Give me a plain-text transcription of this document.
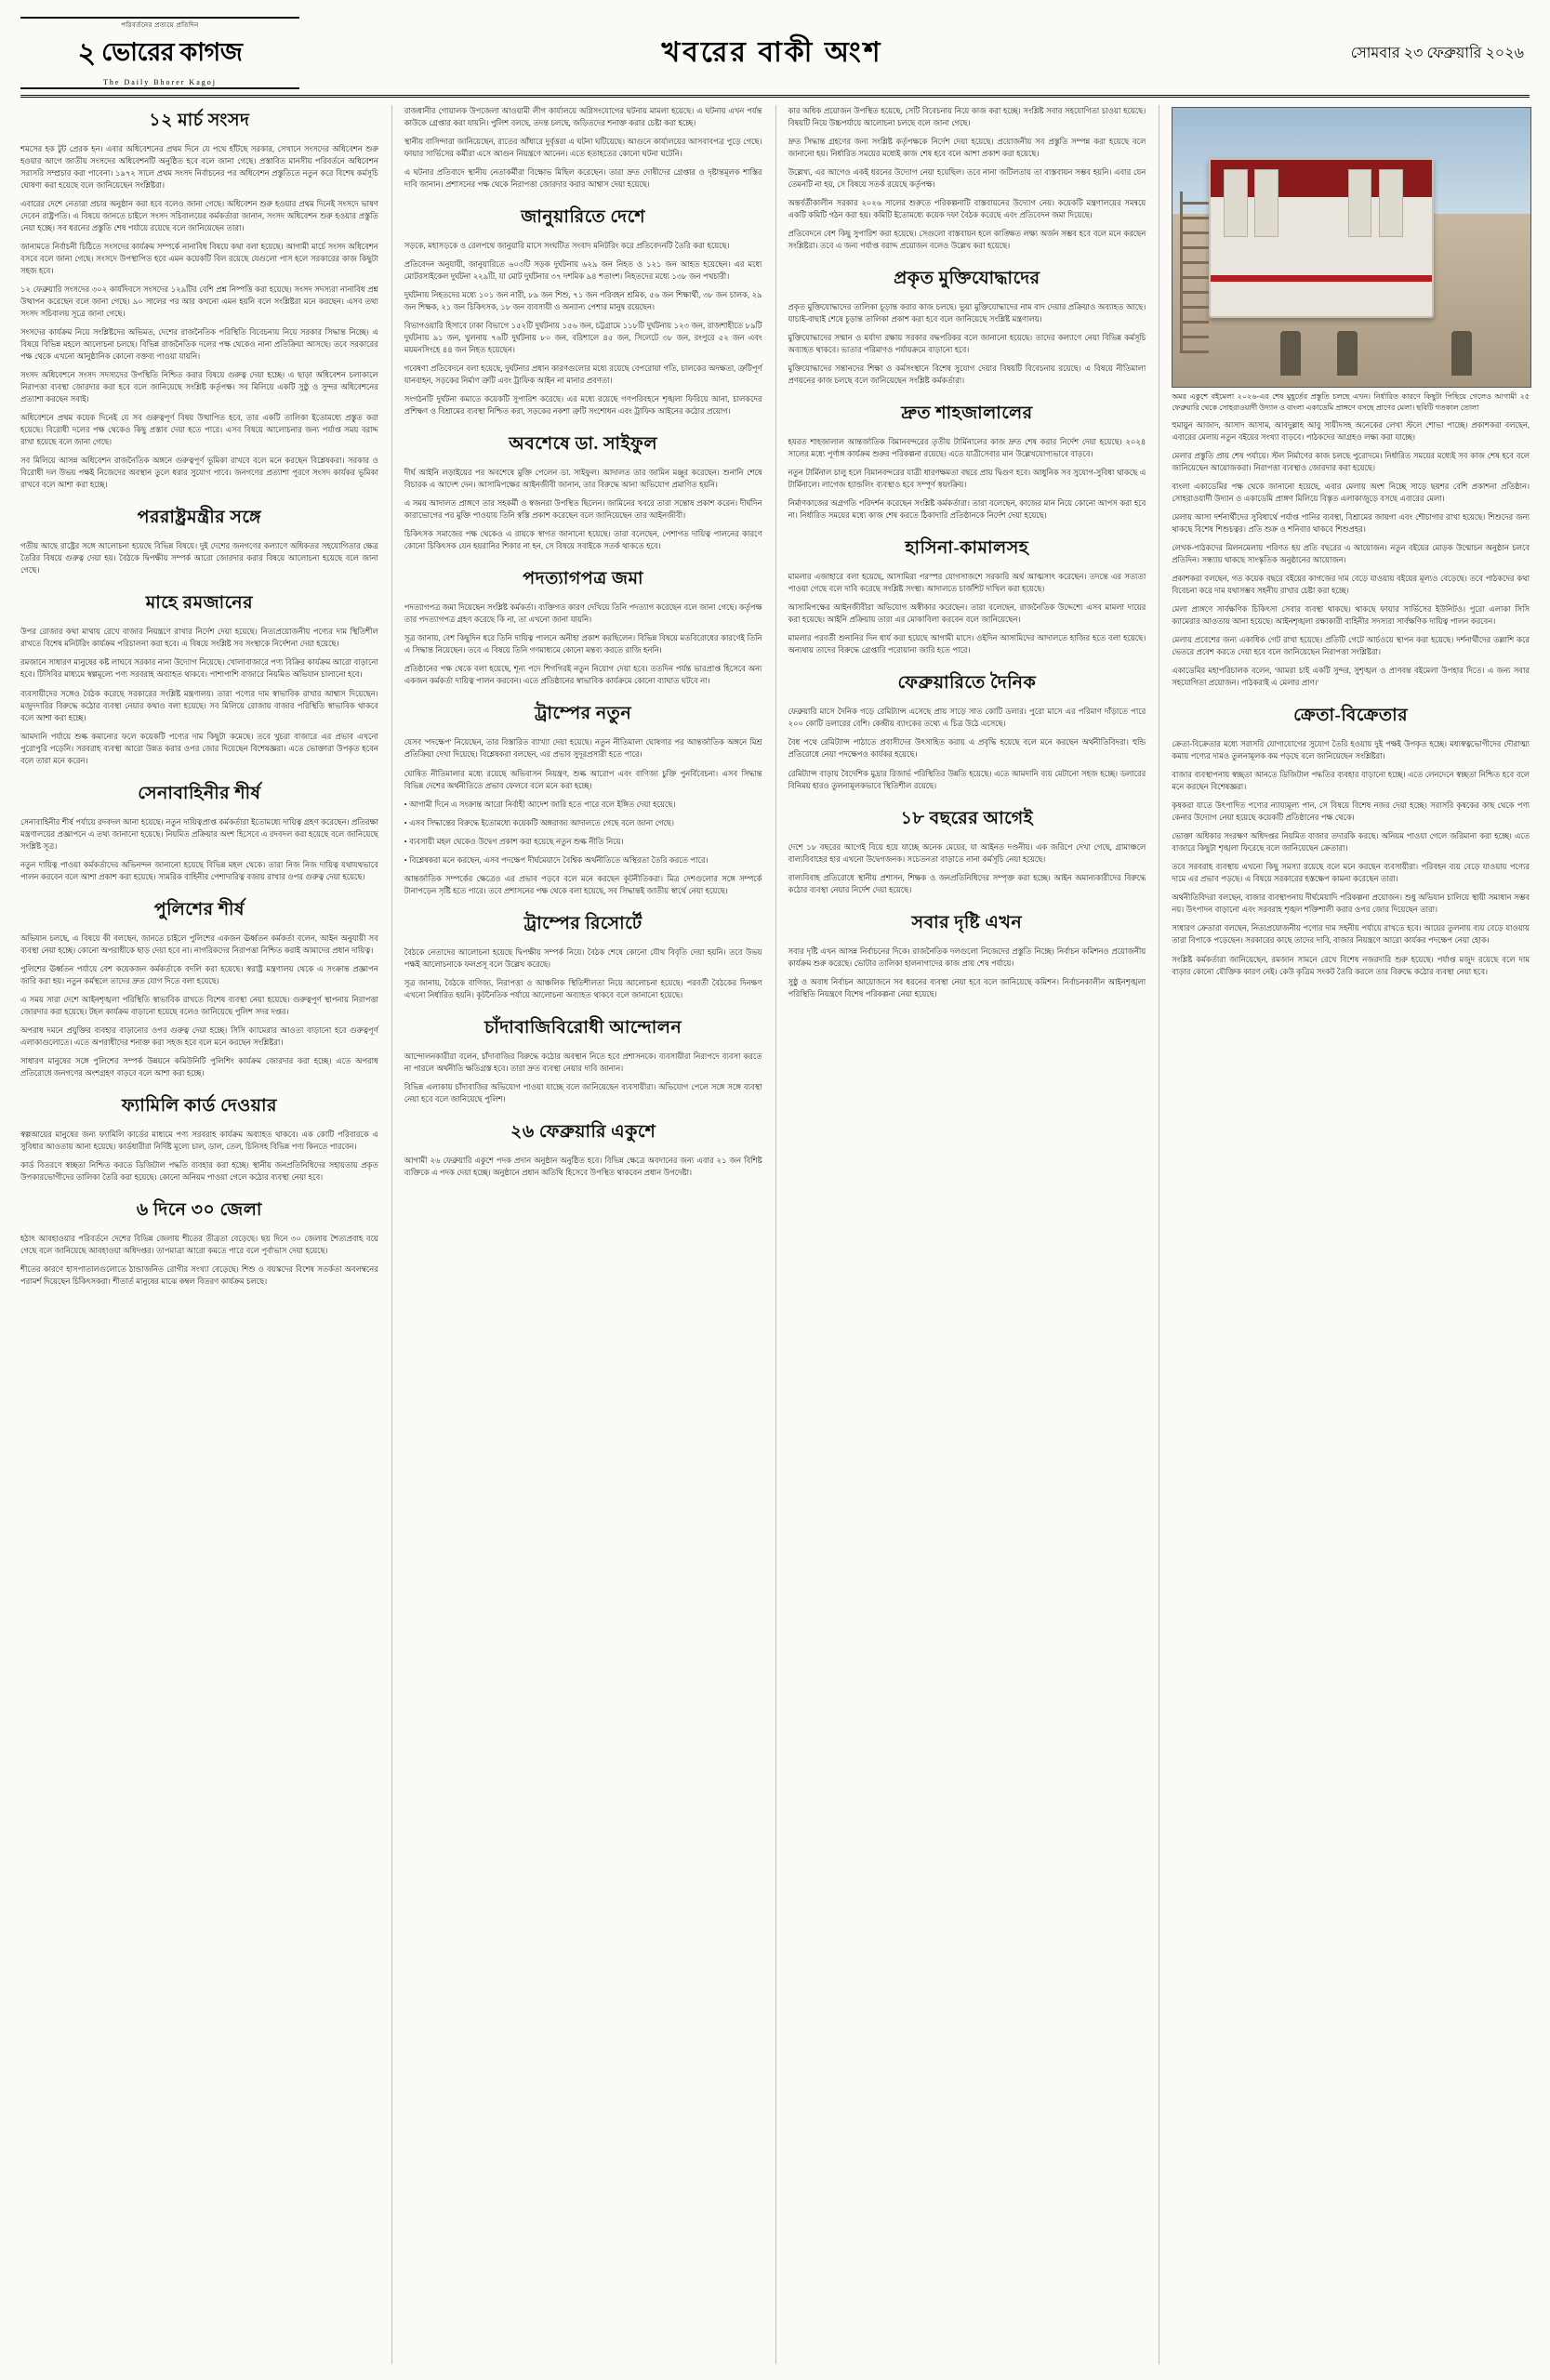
পরিবর্তনের প্রত্যয়ে প্রতিদিন
২ ভোরের কাগজ
The Daily Bhorer Kagoj
খবরের বাকী অংশ	সোমবার ২৩ ফেব্রুয়ারি ২০২৬
১২ মার্চ সংসদ

শমসের হক টুট প্রেরক হন। এবার অধিবেশনের প্রথম দিনে যে পথে হাঁটছে সরকার, সেখানে সংসদের অধিবেশন শুরু হওয়ার আগে জাতীয় সংসদের অধিবেশনটি অনুষ্ঠিত হবে বলে জানা গেছে। প্রস্তাবিত মানসীয় পরিবর্তনে অধিবেশন সরাসরি সম্প্রচার করা পাবেনা। ১৯৭২ সালে প্রথম সংসদ নির্বাচনের পর অধিবেশন প্রস্তুতিতে নতুন করে বিশেষ কর্মসূচি ঘোষণা করা হয়েছে বলে জানিয়েছেন সংশ্লিষ্টরা।

এবারের দেশে নেতারা প্রচার অনুষ্ঠান করা হবে বলেও জানা গেছে। অধিবেশন শুরু হওয়ার প্রথম দিনেই সংসদে ভাষণ দেবেন রাষ্ট্রপতি। এ বিষয়ে জানতে চাইলে সংসদ সচিবালয়ের কর্মকর্তারা জানান, সংসদ অধিবেশন শুরু হওয়ার প্রস্তুতি নেয়া হচ্ছে। সব ধরনের প্রস্তুতি শেষ পর্যায়ে রয়েছে বলে জানিয়েছেন তারা।

জানামতে নির্বাচনী চিঠিতে সংসদের কার্যক্রম সম্পর্কে নানাবিধ বিষয়ে কথা বলা হয়েছে। আগামী মার্চে সংসদ অধিবেশন বসবে বলে জানা গেছে। সংসদে উপস্থাপিত হবে এমন কয়েকটি বিল রয়েছে যেগুলো পাস হলে সরকারের কাজ কিছুটা সহজ হবে।

১২ ফেব্রুয়ারি সংসদের ৩০২ কার্যদিবসে সংসদের ১২৯টির বেশি প্রশ্ন নিষ্পত্তি করা হয়েছে। সংসদ সদস্যরা নানাবিধ প্রশ্ন উত্থাপন করেছেন বলে জানা গেছে। ৯০ সালের পর আর কখনো এমন হয়নি বলে সংশ্লিষ্টরা মনে করছেন। এসব তথ্য সংসদ সচিবালয় সূত্রে জানা গেছে।

সংসদের কার্যক্রম নিয়ে সংশ্লিষ্টদের অভিমত, দেশের রাজনৈতিক পরিস্থিতি বিবেচনায় নিয়ে সরকার সিদ্ধান্ত নিচ্ছে। এ বিষয়ে বিভিন্ন মহলে আলোচনা চলছে। বিভিন্ন রাজনৈতিক দলের পক্ষ থেকেও নানা প্রতিক্রিয়া আসছে। তবে সরকারের পক্ষ থেকে এখনো আনুষ্ঠানিক কোনো বক্তব্য পাওয়া যায়নি।

সংসদ অধিবেশনে সংসদ সদস্যদের উপস্থিতি নিশ্চিত করার বিষয়ে গুরুত্ব দেয়া হচ্ছে। এ ছাড়া অধিবেশন চলাকালে নিরাপত্তা ব্যবস্থা জোরদার করা হবে বলে জানিয়েছে সংশ্লিষ্ট কর্তৃপক্ষ। সব মিলিয়ে একটি সুষ্ঠু ও সুন্দর অধিবেশনের প্রত্যাশা করছেন সবাই।

অধিবেশনে প্রথম কয়েক দিনেই যে সব গুরুত্বপূর্ণ বিষয় উত্থাপিত হবে, তার একটি তালিকা ইতোমধ্যে প্রস্তুত করা হয়েছে। বিরোধী দলের পক্ষ থেকেও কিছু প্রস্তাব দেয়া হতে পারে। এসব বিষয়ে আলোচনার জন্য পর্যাপ্ত সময় বরাদ্দ রাখা হয়েছে বলে জানা গেছে।

সব মিলিয়ে আসন্ন অধিবেশন রাজনৈতিক অঙ্গনে গুরুত্বপূর্ণ ভূমিকা রাখবে বলে মনে করছেন বিশ্লেষকরা। সরকার ও বিরোধী দল উভয় পক্ষই নিজেদের অবস্থান তুলে ধরার সুযোগ পাবে। জনগণের প্রত্যাশা পূরণে সংসদ কার্যকর ভূমিকা রাখবে বলে আশা করা হচ্ছে।

পররাষ্ট্রমন্ত্রীর সঙ্গে

গতীয় আছে রাষ্ট্রের সঙ্গে আলোচনা হয়েছে বিভিন্ন বিষয়ে। দুই দেশের জনগণের কল্যাণে অধিকতর সহযোগিতার ক্ষেত্র তৈরির বিষয়ে গুরুত্ব দেয়া হয়। বৈঠকে দ্বিপক্ষীয় সম্পর্ক আরো জোরদার করার বিষয়ে আলোচনা হয়েছে বলে জানা গেছে।

মাহে রমজানের

উপর রোজার কথা মাথায় রেখে বাজার নিয়ন্ত্রণে রাখার নির্দেশ দেয়া হয়েছে। নিত্যপ্রয়োজনীয় পণ্যের দাম স্থিতিশীল রাখতে বিশেষ মনিটরিং কার্যক্রম পরিচালনা করা হবে। এ বিষয়ে সংশ্লিষ্ট সব সংস্থাকে নির্দেশনা দেয়া হয়েছে।

রমজানে সাধারণ মানুষের কষ্ট লাঘবে সরকার নানা উদ্যোগ নিয়েছে। খোলাবাজারে পণ্য বিক্রির কার্যক্রম আরো বাড়ানো হবে। টিসিবির মাধ্যমে স্বল্পমূল্যে পণ্য সরবরাহ অব্যাহত থাকবে। পাশাপাশি বাজারে নিয়মিত অভিযান চালানো হবে।

ব্যবসায়ীদের সঙ্গেও বৈঠক করেছে সরকারের সংশ্লিষ্ট মন্ত্রণালয়। তারা পণ্যের দাম স্বাভাবিক রাখার আশ্বাস দিয়েছেন। মজুদদারির বিরুদ্ধে কঠোর ব্যবস্থা নেয়ার কথাও বলা হয়েছে। সব মিলিয়ে রোজায় বাজার পরিস্থিতি স্বাভাবিক থাকবে বলে আশা করা হচ্ছে।

আমদানি পর্যায়ে শুল্ক কমানোর ফলে কয়েকটি পণ্যের দাম কিছুটা কমেছে। তবে খুচরা বাজারে এর প্রভাব এখনো পুরোপুরি পড়েনি। সরবরাহ ব্যবস্থা আরো উন্নত করার ওপর জোর দিয়েছেন বিশেষজ্ঞরা। এতে ভোক্তারা উপকৃত হবেন বলে তারা মনে করেন।

সেনাবাহিনীর শীর্ষ

সেনাবাহিনীর শীর্ষ পর্যায়ে রদবদল আনা হয়েছে। নতুন দায়িত্বপ্রাপ্ত কর্মকর্তারা ইতোমধ্যে দায়িত্ব গ্রহণ করেছেন। প্রতিরক্ষা মন্ত্রণালয়ের প্রজ্ঞাপনে এ তথ্য জানানো হয়েছে। নিয়মিত প্রক্রিয়ার অংশ হিসেবে এ রদবদল করা হয়েছে বলে জানিয়েছে সংশ্লিষ্ট সূত্র।

নতুন দায়িত্ব পাওয়া কর্মকর্তাদের অভিনন্দন জানানো হয়েছে বিভিন্ন মহল থেকে। তারা নিজ নিজ দায়িত্ব যথাযথভাবে পালন করবেন বলে আশা প্রকাশ করা হয়েছে। সামরিক বাহিনীর পেশাদারিত্ব বজায় রাখার ওপর গুরুত্ব দেয়া হয়েছে।

পুলিশের শীর্ষ

অভিযান চলছে, এ বিষয়ে কী বলছেন, জানতে চাইলে পুলিশের একজন ঊর্ধ্বতন কর্মকর্তা বলেন, আইন অনুযায়ী সব ব্যবস্থা নেয়া হচ্ছে। কোনো অপরাধীকে ছাড় দেয়া হবে না। নাগরিকদের নিরাপত্তা নিশ্চিত করাই আমাদের প্রধান দায়িত্ব।

পুলিশের ঊর্ধ্বতন পর্যায়ে বেশ কয়েকজন কর্মকর্তাকে বদলি করা হয়েছে। স্বরাষ্ট্র মন্ত্রণালয় থেকে এ সংক্রান্ত প্রজ্ঞাপন জারি করা হয়। নতুন কর্মস্থলে তাদের দ্রুত যোগ দিতে বলা হয়েছে।

এ সময় সারা দেশে আইনশৃঙ্খলা পরিস্থিতি স্বাভাবিক রাখতে বিশেষ ব্যবস্থা নেয়া হয়েছে। গুরুত্বপূর্ণ স্থাপনায় নিরাপত্তা জোরদার করা হয়েছে। টহল কার্যক্রম বাড়ানো হয়েছে বলেও জানিয়েছে পুলিশ সদর দপ্তর।

অপরাধ দমনে প্রযুক্তির ব্যবহার বাড়ানোর ওপর গুরুত্ব দেয়া হচ্ছে। সিসি ক্যামেরার আওতা বাড়ানো হবে গুরুত্বপূর্ণ এলাকাগুলোতে। এতে অপরাধীদের শনাক্ত করা সহজ হবে বলে মনে করছেন সংশ্লিষ্টরা।

সাধারণ মানুষের সঙ্গে পুলিশের সম্পর্ক উন্নয়নে কমিউনিটি পুলিশিং কার্যক্রম জোরদার করা হচ্ছে। এতে অপরাধ প্রতিরোধে জনগণের অংশগ্রহণ বাড়বে বলে আশা করা হচ্ছে।

ফ্যামিলি কার্ড দেওয়ার

স্বল্পআয়ের মানুষের জন্য ফ্যামিলি কার্ডের মাধ্যমে পণ্য সরবরাহ কার্যক্রম অব্যাহত থাকবে। এক কোটি পরিবারকে এ সুবিধার আওতায় আনা হয়েছে। কার্ডধারীরা নির্দিষ্ট মূল্যে চাল, ডাল, তেল, চিনিসহ বিভিন্ন পণ্য কিনতে পারবেন।

কার্ড বিতরণে স্বচ্ছতা নিশ্চিত করতে ডিজিটাল পদ্ধতি ব্যবহার করা হচ্ছে। স্থানীয় জনপ্রতিনিধিদের সহায়তায় প্রকৃত উপকারভোগীদের তালিকা তৈরি করা হয়েছে। কোনো অনিয়ম পাওয়া গেলে কঠোর ব্যবস্থা নেয়া হবে।

৬ দিনে ৩০ জেলা

হঠাৎ আবহাওয়ার পরিবর্তনে দেশের বিভিন্ন জেলায় শীতের তীব্রতা বেড়েছে। ছয় দিনে ৩০ জেলায় শৈত্যপ্রবাহ বয়ে গেছে বলে জানিয়েছে আবহাওয়া অধিদপ্তর। তাপমাত্রা আরো কমতে পারে বলে পূর্বাভাস দেয়া হয়েছে।

শীতের কারণে হাসপাতালগুলোতে ঠান্ডাজনিত রোগীর সংখ্যা বেড়েছে। শিশু ও বয়স্কদের বিশেষ সতর্কতা অবলম্বনের পরামর্শ দিয়েছেন চিকিৎসকরা। শীতার্ত মানুষের মাঝে কম্বল বিতরণ কার্যক্রম চলছে।

রাজধানীর গোয়ালক উপজেলা আওয়ামী লীগ কার্যালয়ে অগ্নিসংযোগের ঘটনায় মামলা হয়েছে। এ ঘটনায় এখন পর্যন্ত কাউকে গ্রেপ্তার করা যায়নি। পুলিশ বলছে, তদন্ত চলছে, জড়িতদের শনাক্ত করার চেষ্টা করা হচ্ছে।

স্থানীয় বাসিন্দারা জানিয়েছেন, রাতের আঁধারে দুর্বৃত্তরা এ ঘটনা ঘটিয়েছে। আগুনে কার্যালয়ের আসবাবপত্র পুড়ে গেছে। ফায়ার সার্ভিসের কর্মীরা এসে আগুন নিয়ন্ত্রণে আনেন। এতে হতাহতের কোনো ঘটনা ঘটেনি।

এ ঘটনার প্রতিবাদে স্থানীয় নেতাকর্মীরা বিক্ষোভ মিছিল করেছেন। তারা দ্রুত দোষীদের গ্রেপ্তার ও দৃষ্টান্তমূলক শাস্তির দাবি জানান। প্রশাসনের পক্ষ থেকে নিরাপত্তা জোরদার করার আশ্বাস দেয়া হয়েছে।

জানুয়ারিতে দেশে

সড়কে, মহাসড়কে ও রেলপথে জানুয়ারি মাসে সংঘটিত সংবাদ মনিটরিং করে প্রতিবেদনটি তৈরি করা হয়েছে।

প্রতিবেদন অনুযায়ী, জানুয়ারিতে ৬০৩টি সড়ক দুর্ঘটনায় ৬২৯ জন নিহত ও ১২১ জন আহত হয়েছেন। এর মধ্যে মোটরসাইকেল দুর্ঘটনা ২২৯টি, যা মোট দুর্ঘটনার ৩৭ দশমিক ৯৪ শতাংশ। নিহতদের মধ্যে ১৩৮ জন পথচারী।

দুর্ঘটনায় নিহতদের মধ্যে ১০১ জন নারী, ৮৯ জন শিশু, ৭১ জন পরিবহন শ্রমিক, ৫৬ জন শিক্ষার্থী, ৩৮ জন চালক, ২৯ জন শিক্ষক, ২১ জন চিকিৎসক, ১৮ জন ব্যবসায়ী ও অন্যান্য পেশার মানুষ রয়েছেন।

বিভাগওয়ারি হিসাবে ঢাকা বিভাগে ১৫২টি দুর্ঘটনায় ১৫৬ জন, চট্টগ্রামে ১১৮টি দুর্ঘটনায় ১২৩ জন, রাজশাহীতে ৮৯টি দুর্ঘটনায় ৯১ জন, খুলনায় ৭৬টি দুর্ঘটনায় ৮০ জন, বরিশালে ৪৫ জন, সিলেটে ৩৮ জন, রংপুরে ৫২ জন এবং ময়মনসিংহে ৪৪ জন নিহত হয়েছেন।

গবেষণা প্রতিবেদনে বলা হয়েছে, দুর্ঘটনার প্রধান কারণগুলোর মধ্যে রয়েছে বেপরোয়া গতি, চালকের অদক্ষতা, ত্রুটিপূর্ণ যানবাহন, সড়কের নির্মাণ ত্রুটি এবং ট্রাফিক আইন না মানার প্রবণতা।

সংগঠনটি দুর্ঘটনা কমাতে কয়েকটি সুপারিশ করেছে। এর মধ্যে রয়েছে গণপরিবহনে শৃঙ্খলা ফিরিয়ে আনা, চালকদের প্রশিক্ষণ ও বিশ্রামের ব্যবস্থা নিশ্চিত করা, সড়কের নকশা ত্রুটি সংশোধন এবং ট্রাফিক আইনের কঠোর প্রয়োগ।

অবশেষে ডা. সাইফুল

দীর্ঘ আইনি লড়াইয়ের পর অবশেষে মুক্তি পেলেন ডা. সাইফুল। আদালত তার জামিন মঞ্জুর করেছেন। শুনানি শেষে বিচারক এ আদেশ দেন। আসামিপক্ষের আইনজীবী জানান, তার বিরুদ্ধে আনা অভিযোগ প্রমাণিত হয়নি।

এ সময় আদালত প্রাঙ্গণে তার সহকর্মী ও স্বজনরা উপস্থিত ছিলেন। জামিনের খবরে তারা সন্তোষ প্রকাশ করেন। দীর্ঘদিন কারাভোগের পর মুক্তি পাওয়ায় তিনি স্বস্তি প্রকাশ করেছেন বলে জানিয়েছেন তার আইনজীবী।

চিকিৎসক সমাজের পক্ষ থেকেও এ রায়কে স্বাগত জানানো হয়েছে। তারা বলেছেন, পেশাগত দায়িত্ব পালনের কারণে কোনো চিকিৎসক যেন হয়রানির শিকার না হন, সে বিষয়ে সবাইকে সতর্ক থাকতে হবে।

পদত্যাগপত্র জমা

পদত্যাগপত্র জমা দিয়েছেন সংশ্লিষ্ট কর্মকর্তা। ব্যক্তিগত কারণ দেখিয়ে তিনি পদত্যাগ করেছেন বলে জানা গেছে। কর্তৃপক্ষ তার পদত্যাগপত্র গ্রহণ করেছে কি না, তা এখনো জানা যায়নি।

সূত্র জানায়, বেশ কিছুদিন ধরে তিনি দায়িত্ব পালনে অনীহা প্রকাশ করছিলেন। বিভিন্ন বিষয়ে মতবিরোধের কারণেই তিনি এ সিদ্ধান্ত নিয়েছেন। তবে এ বিষয়ে তিনি গণমাধ্যমে কোনো মন্তব্য করতে রাজি হননি।

প্রতিষ্ঠানের পক্ষ থেকে বলা হয়েছে, শূন্য পদে শিগগিরই নতুন নিয়োগ দেয়া হবে। ততদিন পর্যন্ত ভারপ্রাপ্ত হিসেবে অন্য একজন কর্মকর্তা দায়িত্ব পালন করবেন। এতে প্রতিষ্ঠানের স্বাভাবিক কার্যক্রমে কোনো ব্যাঘাত ঘটবে না।

ট্রাম্পের নতুন

যেসব 'পদক্ষেপ' নিয়েছেন, তার বিস্তারিত ব্যাখ্যা দেয়া হয়েছে। নতুন নীতিমালা ঘোষণার পর আন্তর্জাতিক অঙ্গনে মিশ্র প্রতিক্রিয়া দেখা দিয়েছে। বিশ্লেষকরা বলছেন, এর প্রভাব সুদূরপ্রসারী হতে পারে।

ঘোষিত নীতিমালার মধ্যে রয়েছে অভিবাসন নিয়ন্ত্রণ, শুল্ক আরোপ এবং বাণিজ্য চুক্তি পুনর্বিবেচনা। এসব সিদ্ধান্ত বিভিন্ন দেশের অর্থনীতিতে প্রভাব ফেলবে বলে মনে করা হচ্ছে।

• আগামী দিনে এ সংক্রান্ত আরো নির্বাহী আদেশ জারি হতে পারে বলে ইঙ্গিত দেয়া হয়েছে।

• এসব সিদ্ধান্তের বিরুদ্ধে ইতোমধ্যে কয়েকটি অঙ্গরাজ্য আদালতে গেছে বলে জানা গেছে।

• ব্যবসায়ী মহল থেকেও উদ্বেগ প্রকাশ করা হয়েছে নতুন শুল্ক নীতি নিয়ে।

• বিশ্লেষকরা মনে করছেন, এসব পদক্ষেপ দীর্ঘমেয়াদে বৈশ্বিক অর্থনীতিতে অস্থিরতা তৈরি করতে পারে।

আন্তর্জাতিক সম্পর্কের ক্ষেত্রেও এর প্রভাব পড়বে বলে মনে করছেন কূটনীতিকরা। মিত্র দেশগুলোর সঙ্গে সম্পর্কে টানাপড়েন সৃষ্টি হতে পারে। তবে প্রশাসনের পক্ষ থেকে বলা হয়েছে, সব সিদ্ধান্তই জাতীয় স্বার্থে নেয়া হয়েছে।

ট্রাম্পের রিসোর্টে

বৈঠকে নেতাদের আলোচনা হয়েছে দ্বিপক্ষীয় সম্পর্ক নিয়ে। বৈঠক শেষে কোনো যৌথ বিবৃতি দেয়া হয়নি। তবে উভয় পক্ষই আলোচনাকে ফলপ্রসূ বলে উল্লেখ করেছে।

সূত্র জানায়, বৈঠকে বাণিজ্য, নিরাপত্তা ও আঞ্চলিক স্থিতিশীলতা নিয়ে আলোচনা হয়েছে। পরবর্তী বৈঠকের দিনক্ষণ এখনো নির্ধারিত হয়নি। কূটনৈতিক পর্যায়ে আলোচনা অব্যাহত থাকবে বলে জানানো হয়েছে।

চাঁদাবাজিবিরোধী আন্দোলন

আন্দোলনকারীরা বলেন, চাঁদাবাজির বিরুদ্ধে কঠোর অবস্থান নিতে হবে প্রশাসনকে। ব্যবসায়ীরা নিরাপদে ব্যবসা করতে না পারলে অর্থনীতি ক্ষতিগ্রস্ত হবে। তারা দ্রুত ব্যবস্থা নেয়ার দাবি জানান।

বিভিন্ন এলাকায় চাঁদাবাজির অভিযোগ পাওয়া যাচ্ছে বলে জানিয়েছেন ব্যবসায়ীরা। অভিযোগ পেলে সঙ্গে সঙ্গে ব্যবস্থা নেয়া হবে বলে জানিয়েছে পুলিশ।

২৬ ফেব্রুয়ারি একুশে

আগামী ২৬ ফেব্রুয়ারি একুশে পদক প্রদান অনুষ্ঠান অনুষ্ঠিত হবে। বিভিন্ন ক্ষেত্রে অবদানের জন্য এবার ২১ জন বিশিষ্ট ব্যক্তিকে এ পদক দেয়া হচ্ছে। অনুষ্ঠানে প্রধান অতিথি হিসেবে উপস্থিত থাকবেন প্রধান উপদেষ্টা।

কার অধিক প্রয়োজন উপস্থিত হয়েছে, সেটি বিবেচনায় নিয়ে কাজ করা হচ্ছে। সংশ্লিষ্ট সবার সহযোগিতা চাওয়া হয়েছে। বিষয়টি নিয়ে উচ্চপর্যায়ে আলোচনা চলছে বলে জানা গেছে।

দ্রুত সিদ্ধান্ত গ্রহণের জন্য সংশ্লিষ্ট কর্তৃপক্ষকে নির্দেশ দেয়া হয়েছে। প্রয়োজনীয় সব প্রস্তুতি সম্পন্ন করা হয়েছে বলে জানানো হয়। নির্ধারিত সময়ের মধ্যেই কাজ শেষ হবে বলে আশা প্রকাশ করা হয়েছে।

উল্লেখ্য, এর আগেও একই ধরনের উদ্যোগ নেয়া হয়েছিল। তবে নানা জটিলতায় তা বাস্তবায়ন সম্ভব হয়নি। এবার যেন তেমনটি না হয়, সে বিষয়ে সতর্ক রয়েছে কর্তৃপক্ষ।

অন্তর্বর্তীকালীন সরকার ২০২৬ সালের শুরুতে পরিকল্পনাটি বাস্তবায়নের উদ্যোগ নেয়। কয়েকটি মন্ত্রণালয়ের সমন্বয়ে একটি কমিটি গঠন করা হয়। কমিটি ইতোমধ্যে কয়েক দফা বৈঠক করেছে এবং প্রতিবেদন জমা দিয়েছে।

প্রতিবেদনে বেশ কিছু সুপারিশ করা হয়েছে। সেগুলো বাস্তবায়ন হলে কাঙ্ক্ষিত লক্ষ্য অর্জন সম্ভব হবে বলে মনে করছেন সংশ্লিষ্টরা। তবে এ জন্য পর্যাপ্ত বরাদ্দ প্রয়োজন বলেও উল্লেখ করা হয়েছে।

প্রকৃত মুক্তিযোদ্ধাদের

প্রকৃত মুক্তিযোদ্ধাদের তালিকা চূড়ান্ত করার কাজ চলছে। ভুয়া মুক্তিযোদ্ধাদের নাম বাদ দেয়ার প্রক্রিয়াও অব্যাহত আছে। যাচাই-বাছাই শেষে চূড়ান্ত তালিকা প্রকাশ করা হবে বলে জানিয়েছে সংশ্লিষ্ট মন্ত্রণালয়।

মুক্তিযোদ্ধাদের সম্মান ও মর্যাদা রক্ষায় সরকার বদ্ধপরিকর বলে জানানো হয়েছে। তাদের কল্যাণে নেয়া বিভিন্ন কর্মসূচি অব্যাহত থাকবে। ভাতার পরিমাণও পর্যায়ক্রমে বাড়ানো হবে।

মুক্তিযোদ্ধাদের সন্তানদের শিক্ষা ও কর্মসংস্থানে বিশেষ সুযোগ দেয়ার বিষয়টি বিবেচনায় রয়েছে। এ বিষয়ে নীতিমালা প্রণয়নের কাজ চলছে বলে জানিয়েছেন সংশ্লিষ্ট কর্মকর্তারা।

দ্রুত শাহজালালের

হযরত শাহজালাল আন্তর্জাতিক বিমানবন্দরের তৃতীয় টার্মিনালের কাজ দ্রুত শেষ করার নির্দেশ দেয়া হয়েছে। ২০২৪ সালের মধ্যে পূর্ণাঙ্গ কার্যক্রম শুরুর পরিকল্পনা রয়েছে। এতে যাত্রীসেবার মান উল্লেখযোগ্যভাবে বাড়বে।

নতুন টার্মিনাল চালু হলে বিমানবন্দরের যাত্রী ধারণক্ষমতা বছরে প্রায় দ্বিগুণ হবে। আধুনিক সব সুযোগ-সুবিধা থাকছে এ টার্মিনালে। লাগেজ হ্যান্ডলিং ব্যবস্থাও হবে সম্পূর্ণ স্বয়ংক্রিয়।

নির্মাণকাজের অগ্রগতি পরিদর্শন করেছেন সংশ্লিষ্ট কর্মকর্তারা। তারা বলেছেন, কাজের মান নিয়ে কোনো আপস করা হবে না। নির্ধারিত সময়ের মধ্যে কাজ শেষ করতে ঠিকাদারি প্রতিষ্ঠানকে নির্দেশ দেয়া হয়েছে।

হাসিনা-কামালসহ

মামলার এজাহারে বলা হয়েছে, আসামিরা পরস্পর যোগসাজশে সরকারি অর্থ আত্মসাৎ করেছেন। তদন্তে এর সত্যতা পাওয়া গেছে বলে দাবি করেছে সংশ্লিষ্ট সংস্থা। আদালতে চার্জশিট দাখিল করা হয়েছে।

আসামিপক্ষের আইনজীবীরা অভিযোগ অস্বীকার করেছেন। তারা বলেছেন, রাজনৈতিক উদ্দেশ্যে এসব মামলা দায়ের করা হয়েছে। আইনি প্রক্রিয়ায় তারা এর মোকাবিলা করবেন বলে জানিয়েছেন।

মামলার পরবর্তী শুনানির দিন ধার্য করা হয়েছে আগামী মাসে। ওইদিন আসামিদের আদালতে হাজির হতে বলা হয়েছে। অন্যথায় তাদের বিরুদ্ধে গ্রেপ্তারি পরোয়ানা জারি হতে পারে।

ফেব্রুয়ারিতে দৈনিক

ফেব্রুয়ারি মাসে দৈনিক গড়ে রেমিট্যান্স এসেছে প্রায় সাড়ে সাত কোটি ডলার। পুরো মাসে এর পরিমাণ দাঁড়াতে পারে ২০০ কোটি ডলারের বেশি। কেন্দ্রীয় ব্যাংকের তথ্যে এ চিত্র উঠে এসেছে।

বৈধ পথে রেমিট্যান্স পাঠাতে প্রবাসীদের উৎসাহিত করায় এ প্রবৃদ্ধি হয়েছে বলে মনে করছেন অর্থনীতিবিদরা। হুন্ডি প্রতিরোধে নেয়া পদক্ষেপও কার্যকর হয়েছে।

রেমিট্যান্স বাড়ায় বৈদেশিক মুদ্রার রিজার্ভ পরিস্থিতির উন্নতি হয়েছে। এতে আমদানি ব্যয় মেটানো সহজ হচ্ছে। ডলারের বিনিময় হারও তুলনামূলকভাবে স্থিতিশীল রয়েছে।

১৮ বছরের আগেই

দেশে ১৮ বছরের আগেই বিয়ে হয়ে যাচ্ছে অনেক মেয়ের, যা আইনত দণ্ডনীয়। এক জরিপে দেখা গেছে, গ্রামাঞ্চলে বাল্যবিবাহের হার এখনো উদ্বেগজনক। সচেতনতা বাড়াতে নানা কর্মসূচি নেয়া হয়েছে।

বাল্যবিবাহ প্রতিরোধে স্থানীয় প্রশাসন, শিক্ষক ও জনপ্রতিনিধিদের সম্পৃক্ত করা হচ্ছে। আইন অমান্যকারীদের বিরুদ্ধে কঠোর ব্যবস্থা নেয়ার নির্দেশ দেয়া হয়েছে।

সবার দৃষ্টি এখন

সবার দৃষ্টি এখন আসন্ন নির্বাচনের দিকে। রাজনৈতিক দলগুলো নিজেদের প্রস্তুতি নিচ্ছে। নির্বাচন কমিশনও প্রয়োজনীয় কার্যক্রম শুরু করেছে। ভোটার তালিকা হালনাগাদের কাজ প্রায় শেষ পর্যায়ে।

সুষ্ঠু ও অবাধ নির্বাচন আয়োজনে সব ধরনের ব্যবস্থা নেয়া হবে বলে জানিয়েছে কমিশন। নির্বাচনকালীন আইনশৃঙ্খলা পরিস্থিতি নিয়ন্ত্রণে বিশেষ পরিকল্পনা নেয়া হয়েছে।

অমর একুশে বইমেলা ২০২৬-এর শেষ মুহূর্তের প্রস্তুতি চলছে এখন। নির্ধারিত কারণে কিছুটা পিছিয়ে গেলেও আগামী ২৫ ফেব্রুয়ারি থেকে সোহরাওয়ার্দী উদ্যান ও বাংলা একাডেমি প্রাঙ্গণে বসছে প্রাণের মেলা। ছবিটি গতকাল তোলা

হুমায়ুন আজাদ, আসাদ আসাম, আবদুল্লাহ আবু সায়ীদসহ অনেকের লেখা স্টলে শোভা পাচ্ছে। প্রকাশকরা বলছেন, এবারের মেলায় নতুন বইয়ের সংখ্যা বাড়বে। পাঠকদের আগ্রহও লক্ষ্য করা যাচ্ছে।

মেলার প্রস্তুতি প্রায় শেষ পর্যায়ে। স্টল নির্মাণের কাজ চলছে পুরোদমে। নির্ধারিত সময়ের মধ্যেই সব কাজ শেষ হবে বলে জানিয়েছেন আয়োজকরা। নিরাপত্তা ব্যবস্থাও জোরদার করা হয়েছে।

বাংলা একাডেমির পক্ষ থেকে জানানো হয়েছে, এবার মেলায় অংশ নিচ্ছে সাড়ে ছয়শর বেশি প্রকাশনা প্রতিষ্ঠান। সোহরাওয়ার্দী উদ্যান ও একাডেমি প্রাঙ্গণ মিলিয়ে বিস্তৃত এলাকাজুড়ে বসছে এবারের মেলা।

মেলায় আসা দর্শনার্থীদের সুবিধার্থে পর্যাপ্ত পানির ব্যবস্থা, বিশ্রামের জায়গা এবং শৌচাগার রাখা হয়েছে। শিশুদের জন্য থাকছে বিশেষ শিশুচত্বর। প্রতি শুক্র ও শনিবার থাকবে শিশুপ্রহর।

লেখক-পাঠকদের মিলনমেলায় পরিণত হয় প্রতি বছরের এ আয়োজন। নতুন বইয়ের মোড়ক উন্মোচন অনুষ্ঠান চলবে প্রতিদিন। সন্ধ্যায় থাকছে সাংস্কৃতিক অনুষ্ঠানের আয়োজন।

প্রকাশকরা বলছেন, গত কয়েক বছরে বইয়ের কাগজের দাম বেড়ে যাওয়ায় বইয়ের মূল্যও বেড়েছে। তবে পাঠকদের কথা বিবেচনা করে দাম যথাসম্ভব সহনীয় রাখার চেষ্টা করা হচ্ছে।

মেলা প্রাঙ্গণে সার্বক্ষণিক চিকিৎসা সেবার ব্যবস্থা থাকছে। থাকছে ফায়ার সার্ভিসের ইউনিটও। পুরো এলাকা সিসি ক্যামেরার আওতায় আনা হয়েছে। আইনশৃঙ্খলা রক্ষাকারী বাহিনীর সদস্যরা সার্বক্ষণিক দায়িত্ব পালন করবেন।

মেলায় প্রবেশের জন্য একাধিক গেট রাখা হয়েছে। প্রতিটি গেটে আর্চওয়ে স্থাপন করা হয়েছে। দর্শনার্থীদের তল্লাশি করে ভেতরে প্রবেশ করতে দেয়া হবে বলে জানিয়েছেন নিরাপত্তা সংশ্লিষ্টরা।

একাডেমির মহাপরিচালক বলেন, 'আমরা চাই একটি সুন্দর, সুশৃঙ্খল ও প্রাণবন্ত বইমেলা উপহার দিতে। এ জন্য সবার সহযোগিতা প্রয়োজন। পাঠকরাই এ মেলার প্রাণ।'

ক্রেতা-বিক্রেতার

ক্রেতা-বিক্রেতার মধ্যে সরাসরি যোগাযোগের সুযোগ তৈরি হওয়ায় দুই পক্ষই উপকৃত হচ্ছে। মধ্যস্বত্বভোগীদের দৌরাত্ম্য কমায় পণ্যের দামও তুলনামূলক কম পড়ছে বলে জানিয়েছেন সংশ্লিষ্টরা।

বাজার ব্যবস্থাপনায় স্বচ্ছতা আনতে ডিজিটাল পদ্ধতির ব্যবহার বাড়ানো হচ্ছে। এতে লেনদেনে স্বচ্ছতা নিশ্চিত হবে বলে মনে করছেন বিশেষজ্ঞরা।

কৃষকরা যাতে উৎপাদিত পণ্যের ন্যায্যমূল্য পান, সে বিষয়ে বিশেষ নজর দেয়া হচ্ছে। সরাসরি কৃষকের কাছ থেকে পণ্য কেনার উদ্যোগ নেয়া হয়েছে কয়েকটি প্রতিষ্ঠানের পক্ষ থেকে।

ভোক্তা অধিকার সংরক্ষণ অধিদপ্তর নিয়মিত বাজার তদারকি করছে। অনিয়ম পাওয়া গেলে জরিমানা করা হচ্ছে। এতে বাজারে কিছুটা শৃঙ্খলা ফিরেছে বলে জানিয়েছেন ক্রেতারা।

তবে সরবরাহ ব্যবস্থায় এখনো কিছু সমস্যা রয়েছে বলে মনে করছেন ব্যবসায়ীরা। পরিবহন ব্যয় বেড়ে যাওয়ায় পণ্যের দামে এর প্রভাব পড়ছে। এ বিষয়ে সরকারের হস্তক্ষেপ কামনা করেছেন তারা।

অর্থনীতিবিদরা বলছেন, বাজার ব্যবস্থাপনায় দীর্ঘমেয়াদি পরিকল্পনা প্রয়োজন। শুধু অভিযান চালিয়ে স্থায়ী সমাধান সম্ভব নয়। উৎপাদন বাড়ানো এবং সরবরাহ শৃঙ্খল শক্তিশালী করার ওপর জোর দিয়েছেন তারা।

সাধারণ ক্রেতারা বলছেন, নিত্যপ্রয়োজনীয় পণ্যের দাম সহনীয় পর্যায়ে রাখতে হবে। আয়ের তুলনায় ব্যয় বেড়ে যাওয়ায় তারা বিপাকে পড়েছেন। সরকারের কাছে তাদের দাবি, বাজার নিয়ন্ত্রণে আরো কার্যকর পদক্ষেপ নেয়া হোক।

সংশ্লিষ্ট কর্মকর্তারা জানিয়েছেন, রমজান সামনে রেখে বিশেষ নজরদারি শুরু হয়েছে। পর্যাপ্ত মজুদ রয়েছে বলে দাম বাড়ার কোনো যৌক্তিক কারণ নেই। কেউ কৃত্রিম সংকট তৈরি করলে তার বিরুদ্ধে কঠোর ব্যবস্থা নেয়া হবে।
